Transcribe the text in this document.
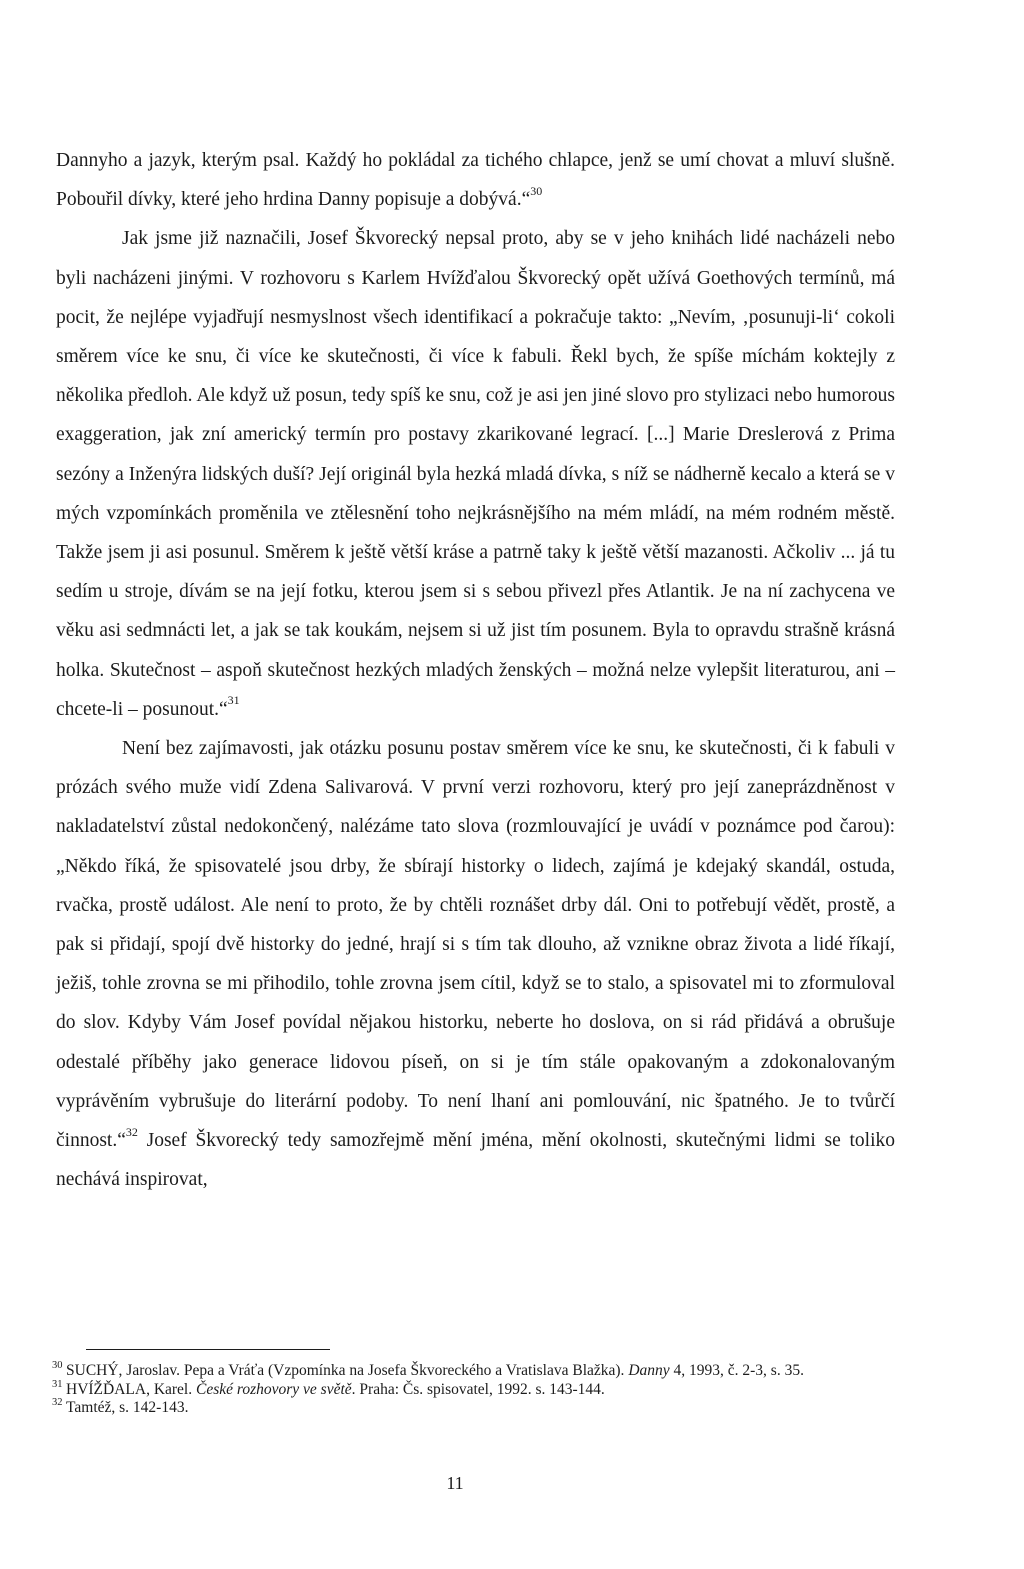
Dannyho a jazyk, kterým psal. Každý ho pokládal za tichého chlapce, jenž se umí chovat a mluví slušně. Pobouřil dívky, které jeho hrdina Danny popisuje a dobývá.“$^{30}$

Jak jsme již naznačili, Josef Škvorecký nepsal proto, aby se v jeho knihách lidé nacházeli nebo byli nacházeni jinými. V rozhovoru s Karlem Hvížďalou Škvorecký opět užívá Goethových termínů, má pocit, že nejlépe vyjadřují nesmyslnost všech identifikací a pokračuje takto: „Nevím, ‚posunuji-li‘ cokoli směrem více ke snu, či více ke skutečnosti, či více k fabuli. Řekl bych, že spíše míchám koktejly z několika předloh. Ale když už posun, tedy spíš ke snu, což je asi jen jiné slovo pro stylizaci nebo humorous exaggeration, jak zní americký termín pro postavy zkarikované legrací. [...] Marie Dreslerová z Prima sezóny a Inženýra lidských duší? Její originál byla hezká mladá dívka, s níž se nádherně kecalo a která se v mých vzpomínkách proměnila ve ztělesnění toho nejkrásnějšího na mém mládí, na mém rodném městě. Takže jsem ji asi posunul. Směrem k ještě větší kráse a patrně taky k ještě větší mazanosti. Ačkoliv ... já tu sedím u stroje, dívám se na její fotku, kterou jsem si s sebou přivezl přes Atlantik. Je na ní zachycena ve věku asi sedmnácti let, a jak se tak koukám, nejsem si už jist tím posunem. Byla to opravdu strašně krásná holka. Skutečnost – aspoň skutečnost hezkých mladých ženských – možná nelze vylepšit literaturou, ani – chcete-li – posunout.“$^{31}$

Není bez zajímavosti, jak otázku posunu postav směrem více ke snu, ke skutečnosti, či k fabuli v prózách svého muže vidí Zdena Salivarová. V první verzi rozhovoru, který pro její zaneprázdněnost v nakladatelství zůstal nedokončený, nalézáme tato slova (rozmlouvající je uvádí v poznámce pod čarou): „Někdo říká, že spisovatelé jsou drby, že sbírají historky o lidech, zajímá je kdejaký skandál, ostuda, rvačka, prostě událost. Ale není to proto, že by chtěli roznášet drby dál. Oni to potřebují vědět, prostě, a pak si přidají, spojí dvě historky do jedné, hrají si s tím tak dlouho, až vznikne obraz života a lidé říkají, ježiš, tohle zrovna se mi přihodilo, tohle zrovna jsem cítil, když se to stalo, a spisovatel mi to zformuloval do slov. Kdyby Vám Josef povídal nějakou historku, neberte ho doslova, on si rád přidává a obrušuje odestalé příběhy jako generace lidovou píseň, on si je tím stále opakovaným a zdokonalovaným vyprávěním vybrušuje do literární podoby. To není lhaní ani pomlouvání, nic špatného. Je to tvůrčí činnost.“$^{32}$ Josef Škvorecký tedy samozřejmě mění jména, mění okolnosti, skutečnými lidmi se toliko nechává inspirovat,

30 SUCHÝ, Jaroslav. Pepa a Vráťa (Vzpomínka na Josefa Škvoreckého a Vratislava Blažka). Danny 4, 1993, č. 2-3, s. 35.
31 HVÍŽĎALA, Karel. České rozhovory ve světě. Praha: Čs. spisovatel, 1992. s. 143-144.
32 Tamtéž, s. 142-143.
11
